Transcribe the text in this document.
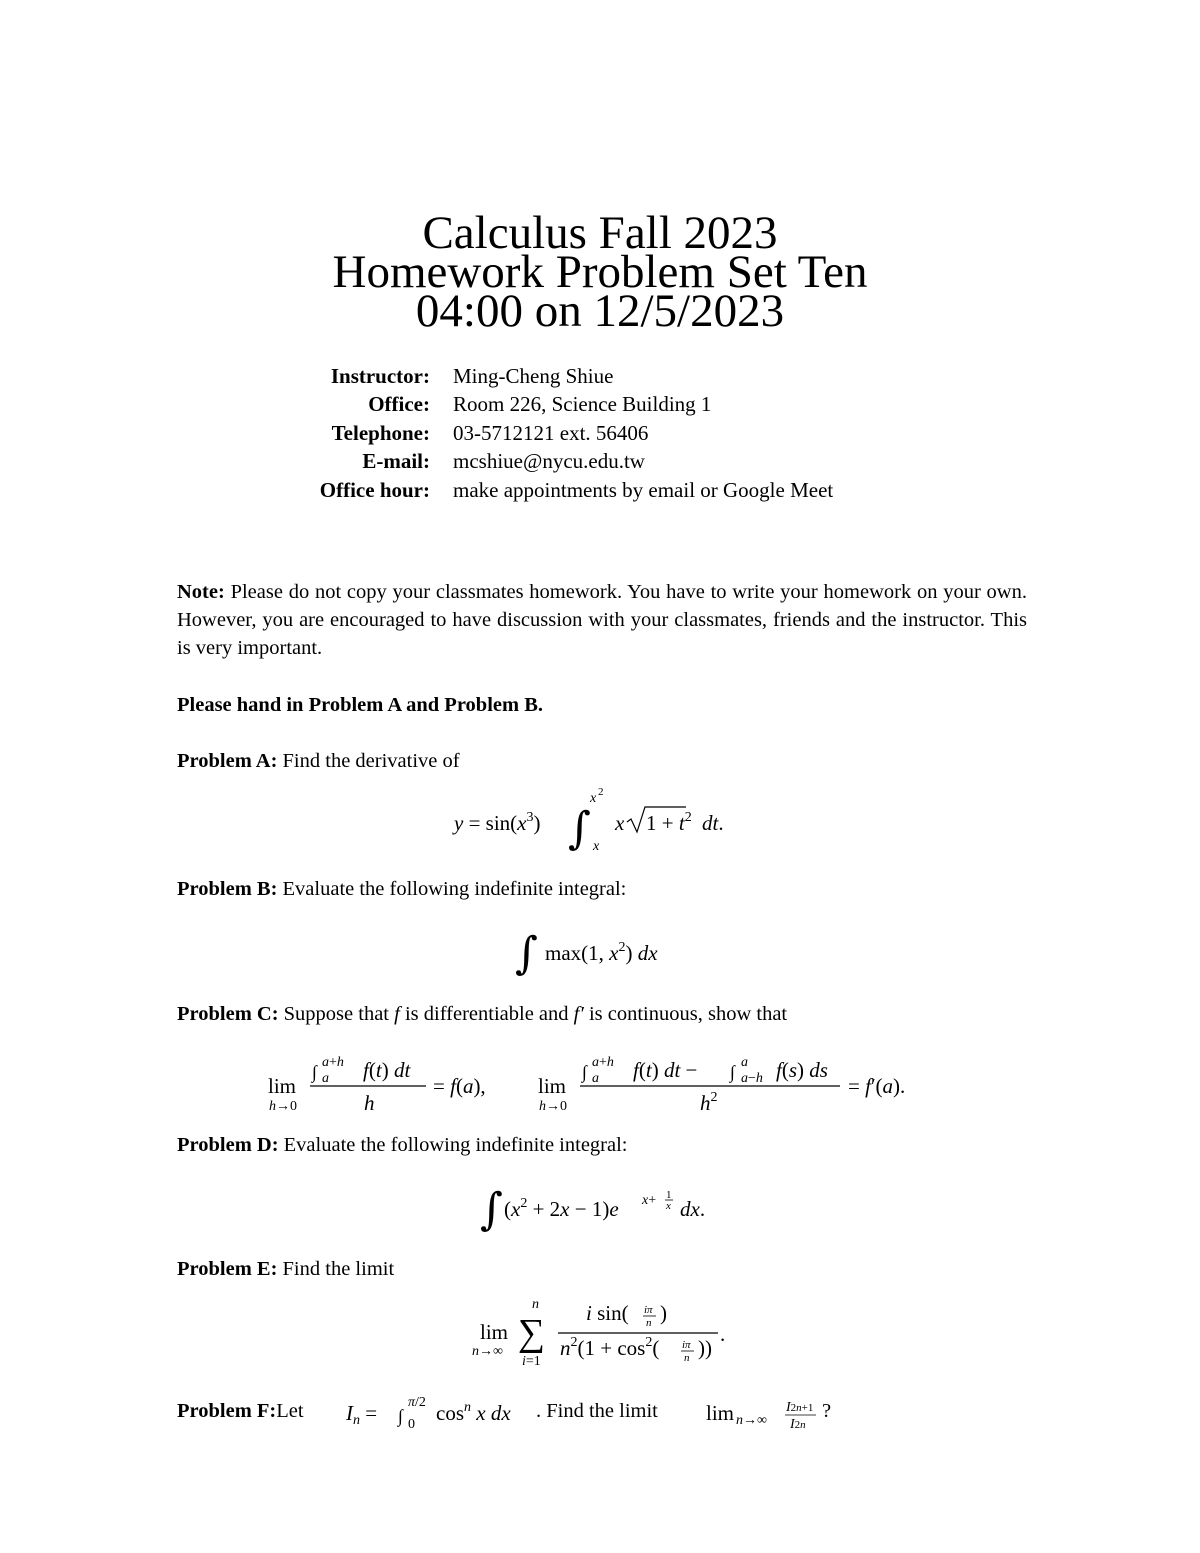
Calculus Fall 2023
Homework Problem Set Ten
04:00 on 12/5/2023
Instructor:	Ming-Cheng Shiue
Office:	Room 226, Science Building 1
Telephone:	03-5712121 ext. 56406
E-mail:	mcshiue@nycu.edu.tw
Office hour:	make appointments by email or Google Meet
Note: Please do not copy your classmates homework. You have to write your homework on your own. However, you are encouraged to have discussion with your classmates, friends and the instructor. This is very important.
Please hand in Problem A and Problem B.
Problem A: Find the derivative of
y = sin(x3) ∫ x
x 2
x 1 + t2 dt.
Problem B: Evaluate the following indefinite integral:
∫ max(1, x2) dx
Problem C: Suppose that f is differentiable and f′ is continuous, show that
lim
h→0
∫ a+h
a f(t) dt
h
= f(a), lim
h→0
∫ a+h
a f(t) dt − ∫ a
a−h f(s) ds
h2	= f′(a).
Problem D: Evaluate the following indefinite integral:
∫ (x2 + 2x − 1)e x+ 1
x dx.
Problem E: Find the limit
lim
n→∞
n
∑
i=1
i sin( iπ
n )
n2(1 + cos2( iπ
n ))
.
Problem F:Let	In = ∫
π/2
0 cosn x dx . Find the limit lim n→∞
I2n+1
I2n
?
